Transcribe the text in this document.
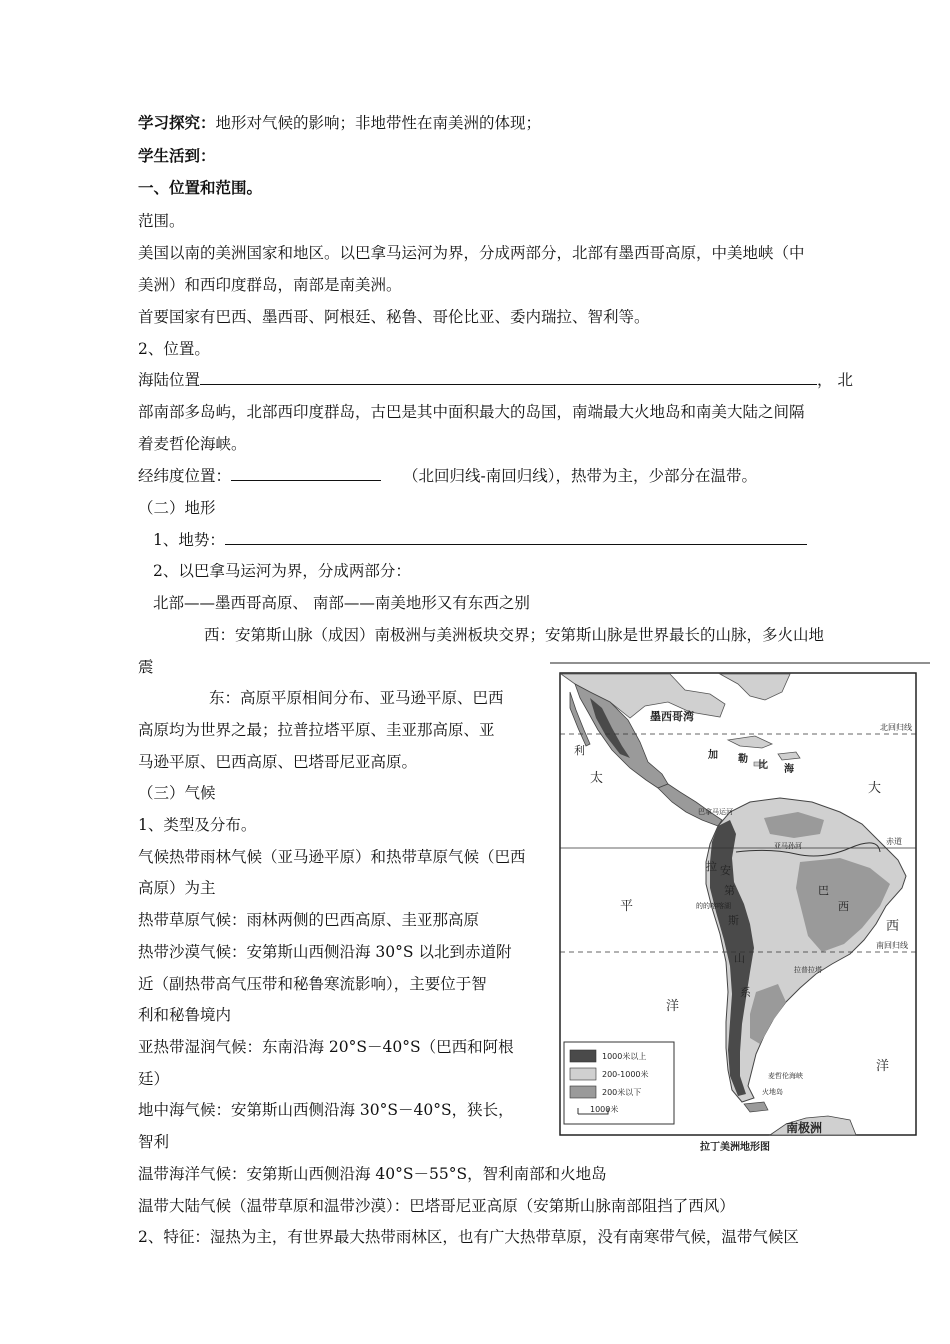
学习探究：地形对气候的影响；非地带性在南美洲的体现；
学生活到：
一、位置和范围。
范围。
美国以南的美洲国家和地区。以巴拿马运河为界，分成两部分，北部有墨西哥高原，中美地峡（中
美洲）和西印度群岛，南部是南美洲。
首要国家有巴西、墨西哥、阿根廷、秘鲁、哥伦比亚、委内瑞拉、智利等。
2、位置。
海陆位置	， 北
部南部多岛屿，北部西印度群岛，古巴是其中面积最大的岛国，南端最大火地岛和南美大陆之间隔
着麦哲伦海峡。
经纬度位置：	（北回归线-南回归线），热带为主，少部分在温带。
（二）地形
1、地势：
2、以巴拿马运河为界，分成两部分：
北部——墨西哥高原、 南部——南美地形又有东西之别
西：安第斯山脉（成因）南极洲与美洲板块交界；安第斯山脉是世界最长的山脉，多火山地
震
东：高原平原相间分布、亚马逊平原、巴西
高原均为世界之最；拉普拉塔平原、圭亚那高原、亚
马逊平原、巴西高原、巴塔哥尼亚高原。
（三）气候
1、类型及分布。
气候热带雨林气候（亚马逊平原）和热带草原气候（巴西
高原）为主
热带草原气候：雨林两侧的巴西高原、圭亚那高原
热带沙漠气候：安第斯山西侧沿海 30°S 以北到赤道附
近（副热带高气压带和秘鲁寒流影响），主要位于智
利和秘鲁境内
亚热带湿润气候：东南沿海 20°S－40°S（巴西和阿根
廷）
地中海气候：安第斯山西侧沿海 30°S－40°S，狭长，
智利
温带海洋气候：安第斯山西侧沿海 40°S－55°S，智利南部和火地岛
温带大陆气候（温带草原和温带沙漠）：巴塔哥尼亚高原（安第斯山脉南部阻挡了西风）
2、特征：湿热为主，有世界最大热带雨林区，也有广大热带草原，没有南寒带气候，温带气候区
北回归线
赤道
南回归线
墨西哥湾
太
平
洋
大
西
洋
加 勒
比 海
安
第
斯
山
系
拉
利
巴
西
亚马孙河
巴拿马运河
的的喀喀湖
拉普拉塔
麦哲伦海峡
火地岛
南极洲
1000米以上
200-1000米
200米以下
1000米
拉丁美洲地形图
